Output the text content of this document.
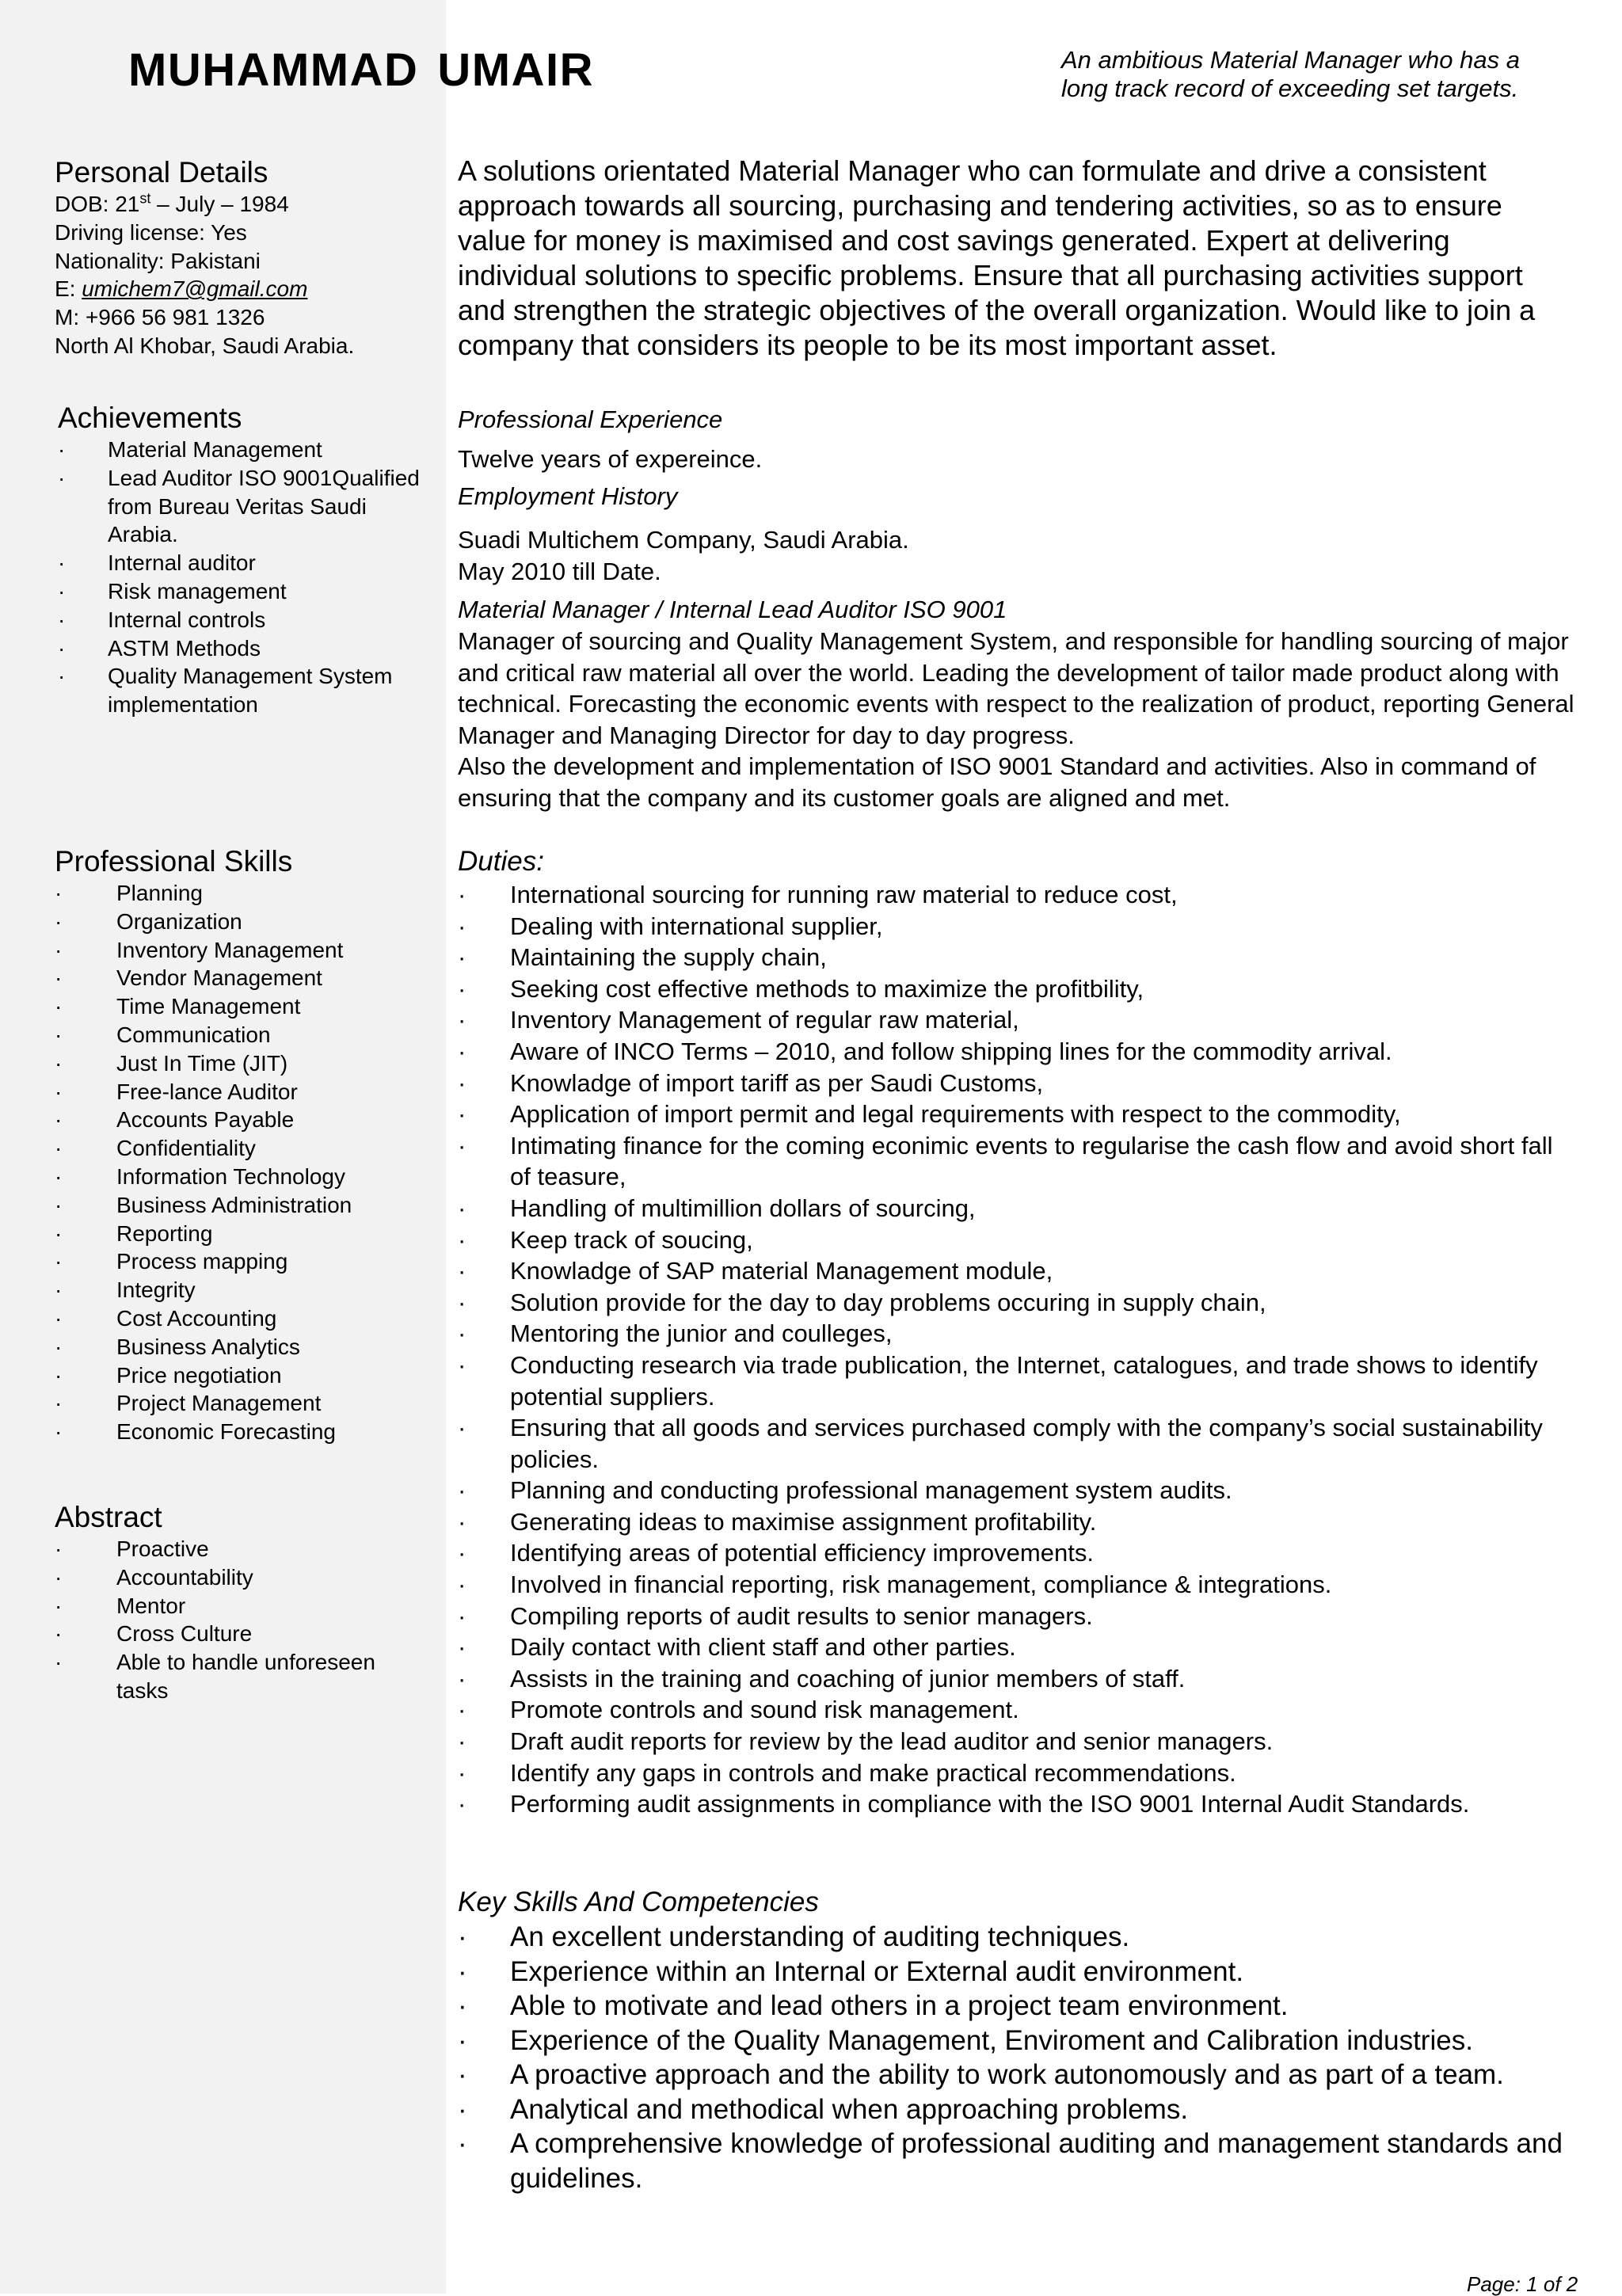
MUHAMMAD UMAIR	An ambitious Material Manager who has a
long track record of exceeding set targets.
Personal Details
DOB: 21st – July – 1984
Driving license: Yes
Nationality: Pakistani
E: umichem7@gmail.com
M: +966 56 981 1326
North Al Khobar, Saudi Arabia.
Achievements
· Material Management
· Lead Auditor ISO 9001Qualified from Bureau Veritas Saudi Arabia.
· Internal auditor
· Risk management
· Internal controls
· ASTM Methods
· Quality Management System implementation
Professional Skills
· Planning
· Organization
· Inventory Management
· Vendor Management
· Time Management
· Communication
· Just In Time (JIT)
· Free-lance Auditor
· Accounts Payable
· Confidentiality
· Information Technology
· Business Administration
· Reporting
· Process mapping
· Integrity
· Cost Accounting
· Business Analytics
· Price negotiation
· Project Management
· Economic Forecasting
Abstract
· Proactive
· Accountability
· Mentor
· Cross Culture
· Able to handle unforeseen tasks

A solutions orientated Material Manager who can formulate and drive a consistent approach towards all sourcing, purchasing and tendering activities, so as to ensure value for money is maximised and cost savings generated. Expert at delivering individual solutions to specific problems. Ensure that all purchasing activities support and strengthen the strategic objectives of the overall organization. Would like to join a company that considers its people to be its most important asset.

Professional Experience

Twelve years of expereince.

Employment History

Suadi Multichem Company, Saudi Arabia.

May 2010 till Date.

Material Manager / Internal Lead Auditor ISO 9001
Manager of sourcing and Quality Management System, and responsible for handling sourcing of major and critical raw material all over the world. Leading the development of tailor made product along with technical. Forecasting the economic events with respect to the realization of product, reporting General Manager and Managing Director for day to day progress.
Also the development and implementation of ISO 9001 Standard and activities. Also in command of ensuring that the company and its customer goals are aligned and met.
Duties:
· International sourcing for running raw material to reduce cost,
· Dealing with international supplier,
· Maintaining the supply chain,
· Seeking cost effective methods to maximize the profitbility,
· Inventory Management of regular raw material,
· Aware of INCO Terms – 2010, and follow shipping lines for the commodity arrival.
· Knowladge of import tariff as per Saudi Customs,
· Application of import permit and legal requirements with respect to the commodity,
· Intimating finance for the coming econimic events to regularise the cash flow and avoid short fall of teasure,
· Handling of multimillion dollars of sourcing,
· Keep track of soucing,
· Knowladge of SAP material Management module,
· Solution provide for the day to day problems occuring in supply chain,
· Mentoring the junior and coulleges,
· Conducting research via trade publication, the Internet, catalogues, and trade shows to identify potential suppliers.
· Ensuring that all goods and services purchased comply with the company’s social sustainability policies.
· Planning and conducting professional management system audits.
· Generating ideas to maximise assignment profitability.
· Identifying areas of potential efficiency improvements.
· Involved in financial reporting, risk management, compliance & integrations.
· Compiling reports of audit results to senior managers.
· Daily contact with client staff and other parties.
· Assists in the training and coaching of junior members of staff.
· Promote controls and sound risk management.
· Draft audit reports for review by the lead auditor and senior managers.
· Identify any gaps in controls and make practical recommendations.
· Performing audit assignments in compliance with the ISO 9001 Internal Audit Standards.
Key Skills And Competencies
· An excellent understanding of auditing techniques.
· Experience within an Internal or External audit environment.
· Able to motivate and lead others in a project team environment.
· Experience of the Quality Management, Enviroment and Calibration industries.
· A proactive approach and the ability to work autonomously and as part of a team.
· Analytical and methodical when approaching problems.
· A comprehensive knowledge of professional auditing and management standards and guidelines.

Page: 1 of 2
